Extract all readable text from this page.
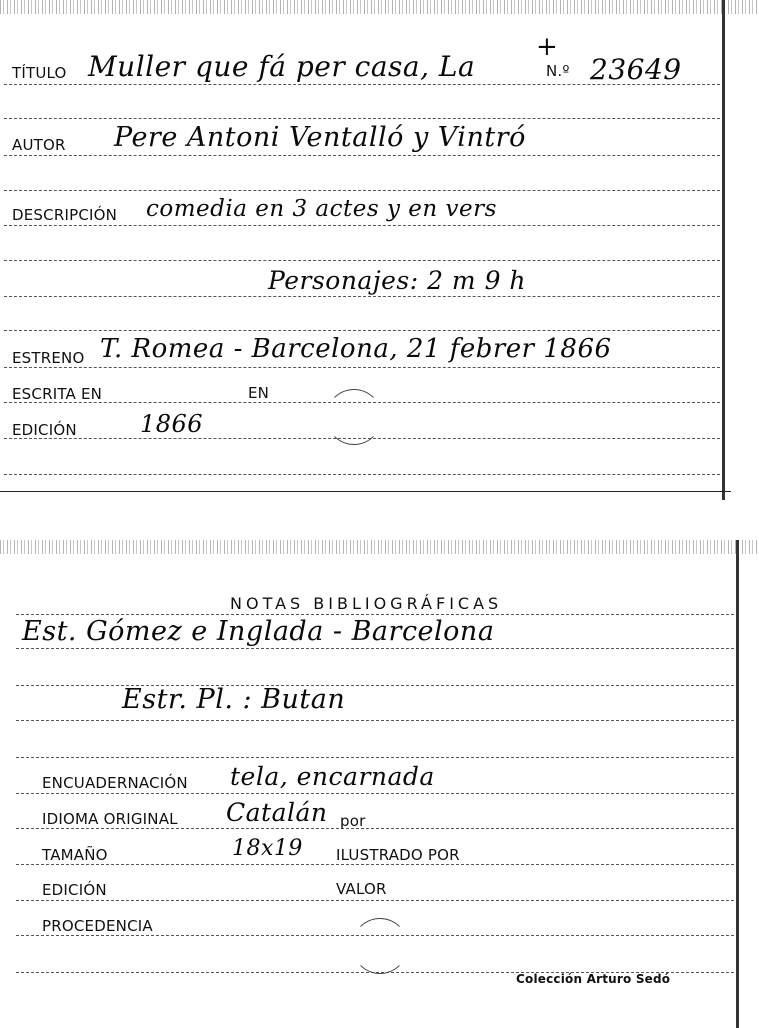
TÍTULO Muller que fá per casa, La
+
N.º 23649
AUTOR Pere Antoni Ventalló y Vintró
DESCRIPCIÓN comedia en 3 actes y en vers
Personajes: 2 m 9 h
ESTRENO T. Romea - Barcelona, 21 febrer 1866
ESCRITA EN	EN
EDICIÓN	1866
NOTAS BIBLIOGRÁFICAS
Est. Gómez e Inglada - Barcelona
Estr. Pl. : Butan
ENCUADERNACIÓN tela, encarnada
IDIOMA ORIGINAL Catalán por
TAMAÑO	18x19 ILUSTRADO POR
EDICIÓN	VALOR
PROCEDENCIA
Colección Arturo Sedó
